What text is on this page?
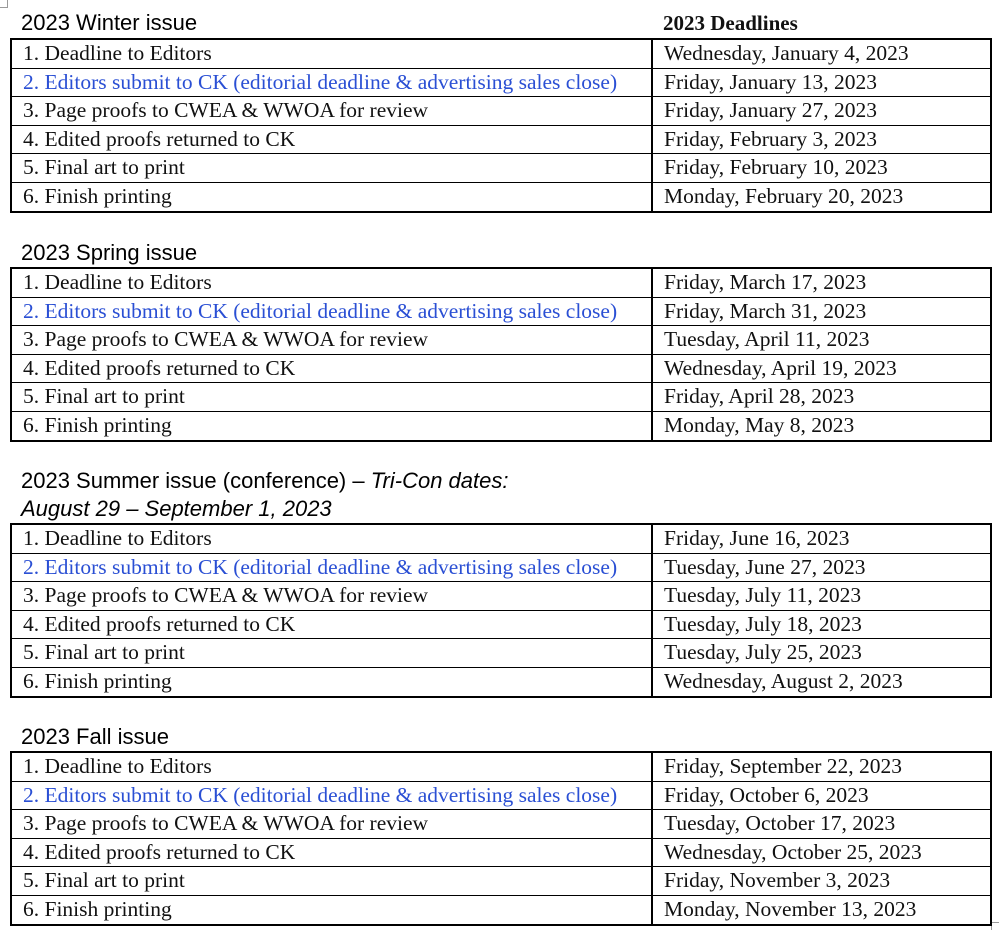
2023 Winter issue	2023 Deadlines
1. Deadline to Editors	Wednesday, January 4, 2023
2. Editors submit to CK (editorial deadline & advertising sales close)	Friday, January 13, 2023
3. Page proofs to CWEA & WWOA for review	Friday, January 27, 2023
4. Edited proofs returned to CK	Friday, February 3, 2023
5. Final art to print	Friday, February 10, 2023
6. Finish printing	Monday, February 20, 2023
2023 Spring issue
1. Deadline to Editors	Friday, March 17, 2023
2. Editors submit to CK (editorial deadline & advertising sales close)	Friday, March 31, 2023
3. Page proofs to CWEA & WWOA for review	Tuesday, April 11, 2023
4. Edited proofs returned to CK	Wednesday, April 19, 2023
5. Final art to print	Friday, April 28, 2023
6. Finish printing	Monday, May 8, 2023
2023 Summer issue (conference) – Tri-Con dates:
August 29 – September 1, 2023
1. Deadline to Editors	Friday, June 16, 2023
2. Editors submit to CK (editorial deadline & advertising sales close)	Tuesday, June 27, 2023
3. Page proofs to CWEA & WWOA for review	Tuesday, July 11, 2023
4. Edited proofs returned to CK	Tuesday, July 18, 2023
5. Final art to print	Tuesday, July 25, 2023
6. Finish printing	Wednesday, August 2, 2023
2023 Fall issue
1. Deadline to Editors	Friday, September 22, 2023
2. Editors submit to CK (editorial deadline & advertising sales close)	Friday, October 6, 2023
3. Page proofs to CWEA & WWOA for review	Tuesday, October 17, 2023
4. Edited proofs returned to CK	Wednesday, October 25, 2023
5. Final art to print	Friday, November 3, 2023
6. Finish printing	Monday, November 13, 2023
